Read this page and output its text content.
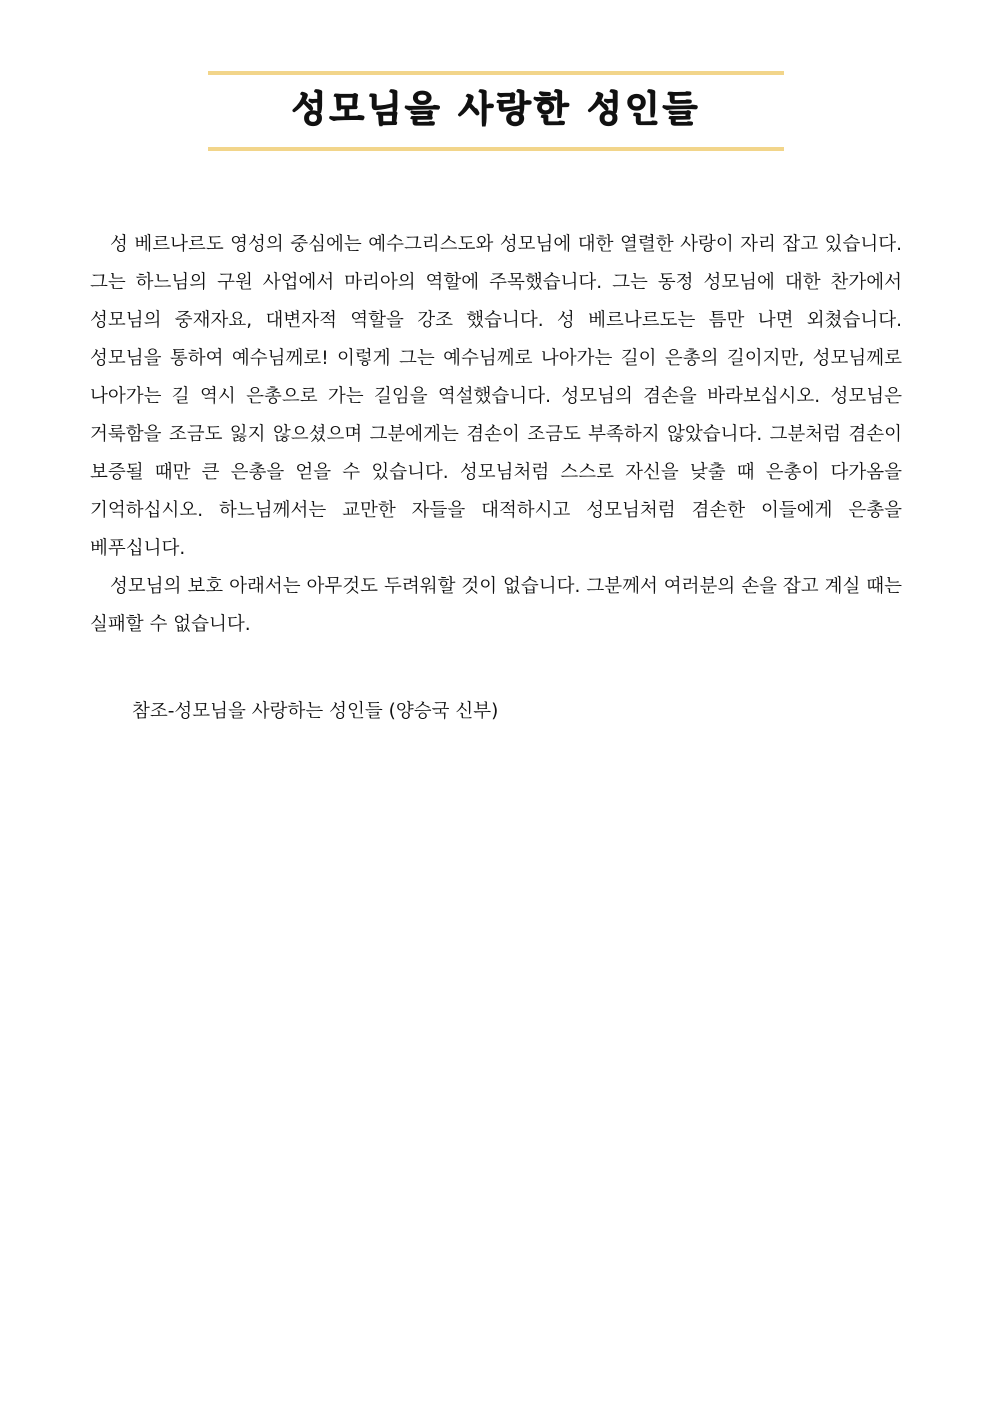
성모님을 사랑한 성인들

성 베르나르도 영성의 중심에는 예수그리스도와 성모님에 대한 열렬한 사랑이 자리 잡고 있습니다. 그는 하느님의 구원 사업에서 마리아의 역할에 주목했습니다. 그는 동정 성모님에 대한 찬가에서 성모님의 중재자요, 대변자적 역할을 강조 했습니다. 성 베르나르도는 틈만 나면 외쳤습니다. 성모님을 통하여 예수님께로! 이렇게 그는 예수님께로 나아가는 길이 은총의 길이지만, 성모님께로 나아가는 길 역시 은총으로 가는 길임을 역설했습니다. 성모님의 겸손을 바라보십시오. 성모님은 거룩함을 조금도 잃지 않으셨으며 그분에게는 겸손이 조금도 부족하지 않았습니다. 그분처럼 겸손이 보증될 때만 큰 은총을 얻을 수 있습니다. 성모님처럼 스스로 자신을 낮출 때 은총이 다가옴을 기억하십시오. 하느님께서는 교만한 자들을 대적하시고 성모님처럼 겸손한 이들에게 은총을 베푸십니다.

성모님의 보호 아래서는 아무것도 두려워할 것이 없습니다. 그분께서 여러분의 손을 잡고 계실 때는 실패할 수 없습니다.

참조-성모님을 사랑하는 성인들 (양승국 신부)
